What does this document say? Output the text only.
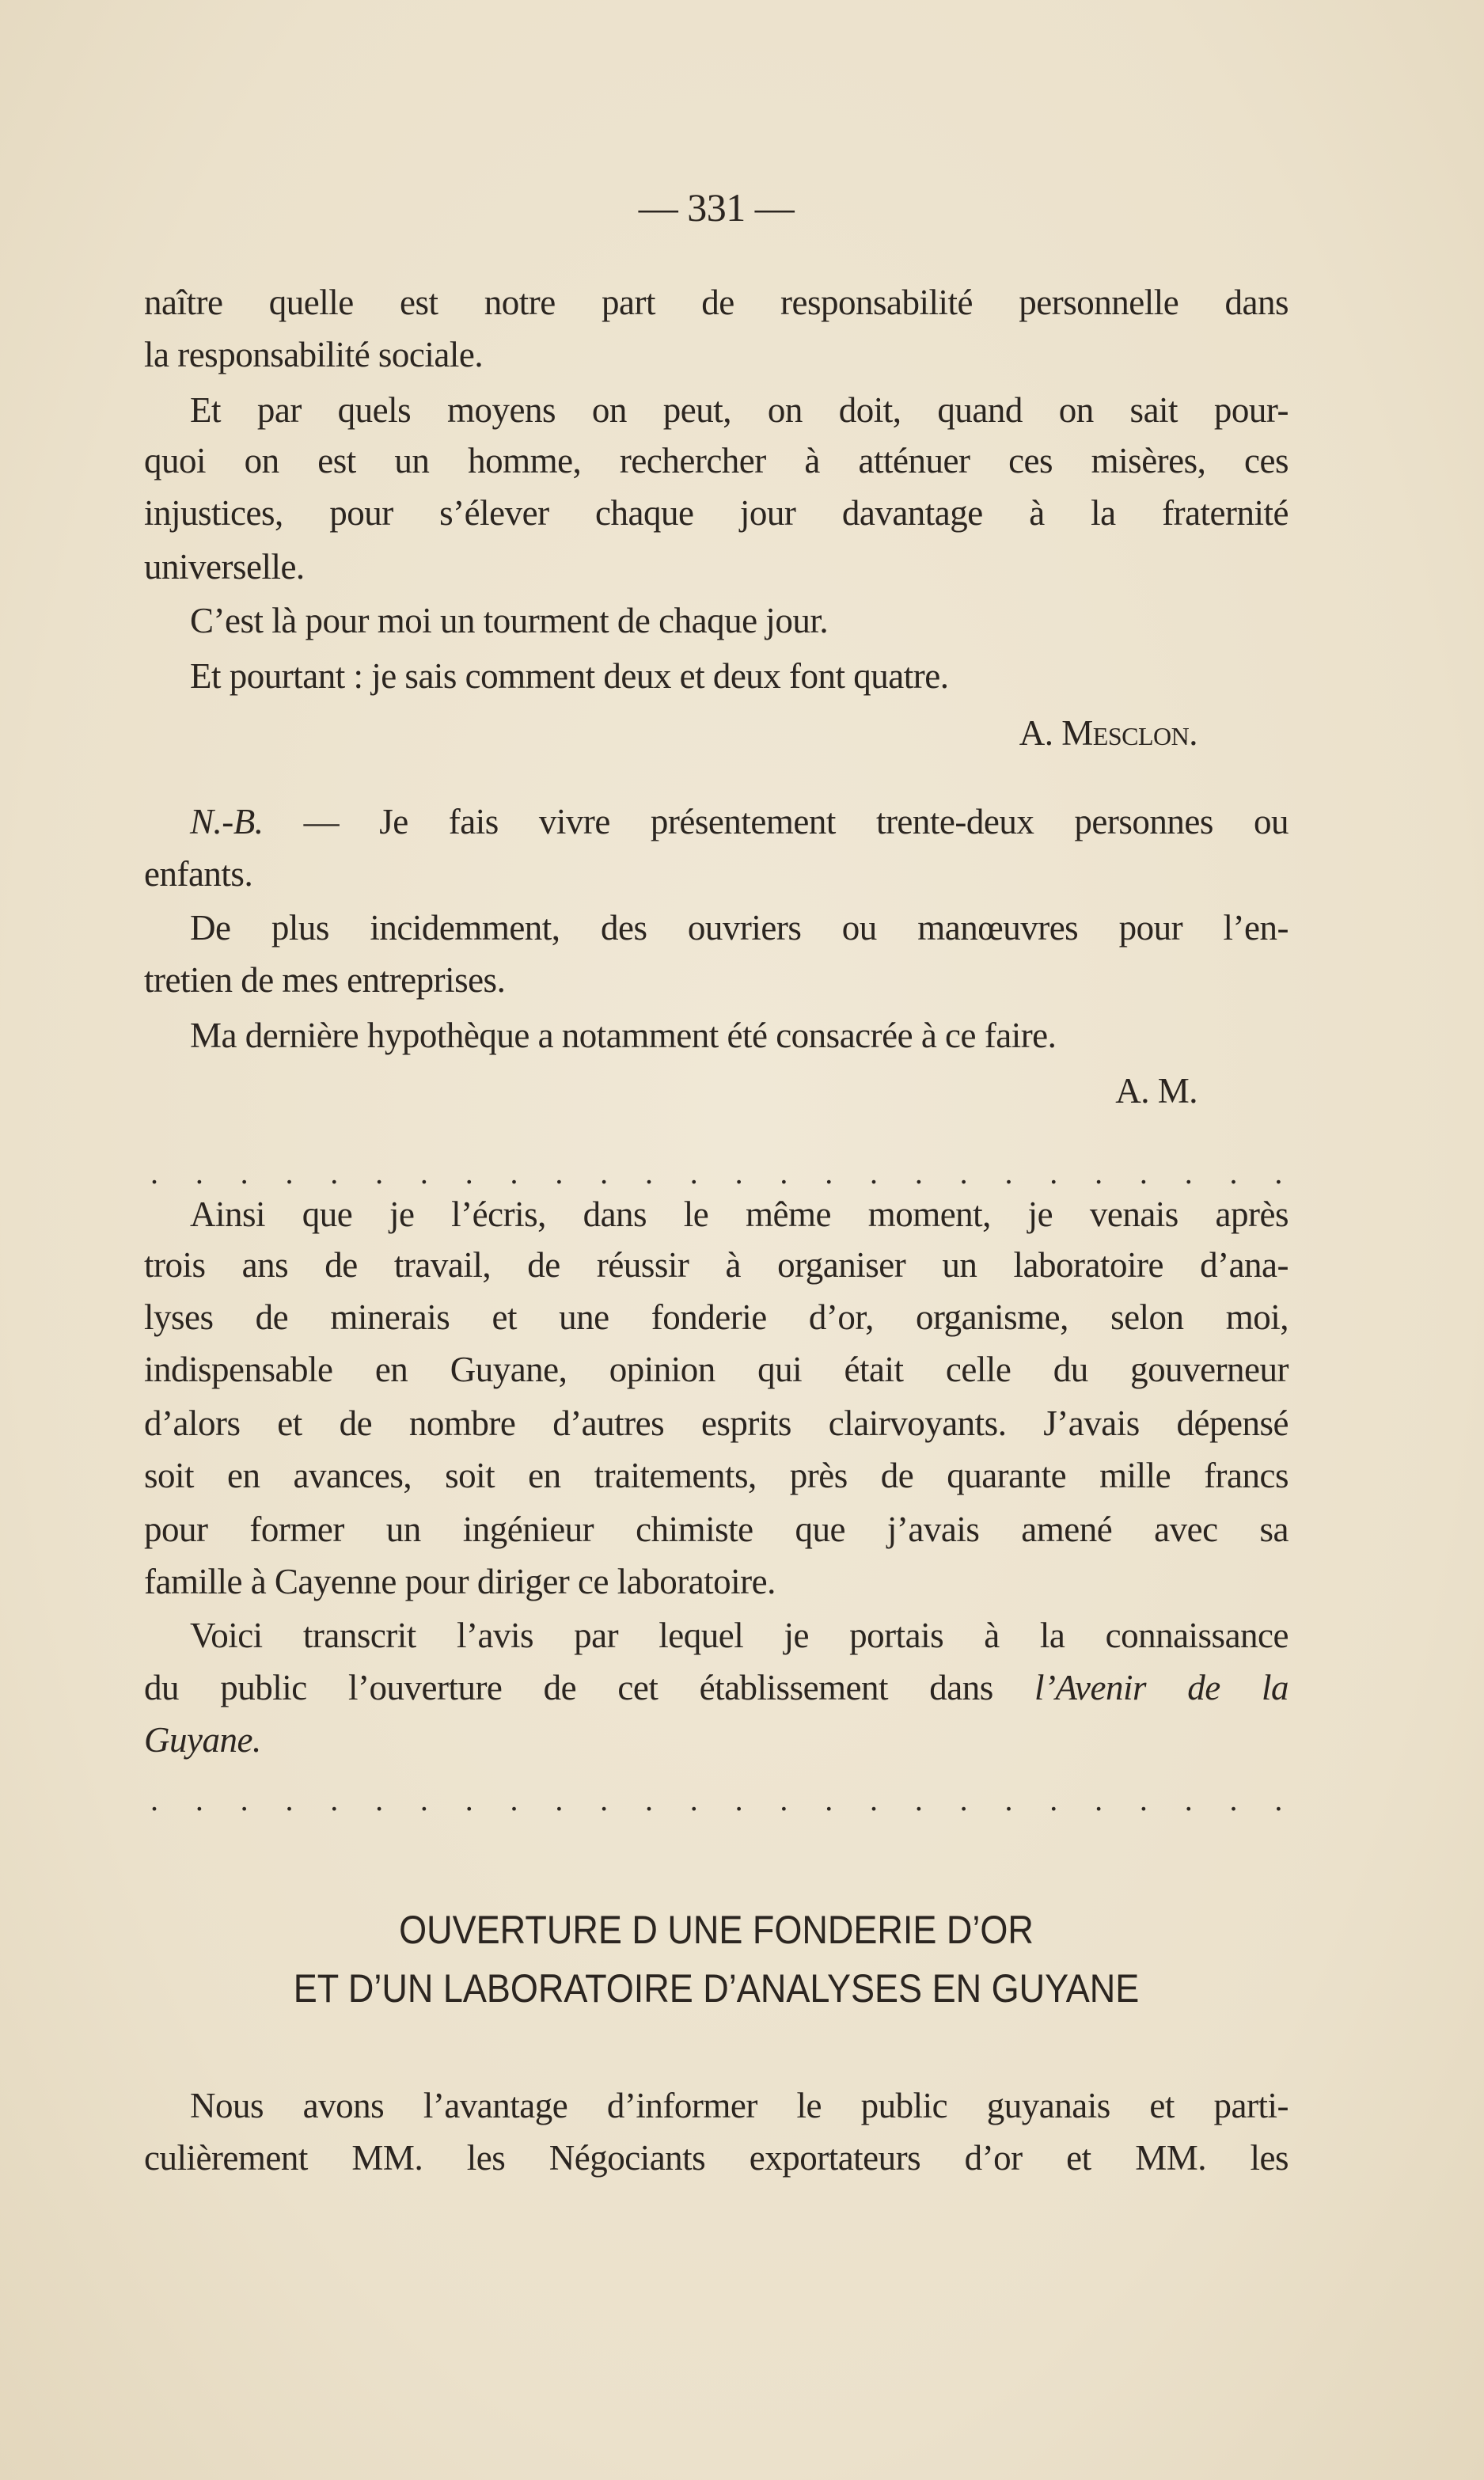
— 331 —
naître quelle est notre part de responsabilité personnelle dans
la responsabilité sociale.
Et par quels moyens on peut, on doit, quand on sait pour-
quoi on est un homme, rechercher à atténuer ces misères, ces
injustices, pour s’élever chaque jour davantage à la fraternité
universelle.
C’est là pour moi un tourment de chaque jour.
Et pourtant : je sais comment deux et deux font quatre.
A. Mesclon.
N.-B. — Je fais vivre présentement trente-deux personnes ou
enfants.
De plus incidemment, des ouvriers ou manœuvres pour l’en-
tretien de mes entreprises.
Ma dernière hypothèque a notamment été consacrée à ce faire.
A. M.
. . . . . . . . . . . . . . . . . . . . . . . . . .
Ainsi que je l’écris, dans le même moment, je venais après
trois ans de travail, de réussir à organiser un laboratoire d’ana-
lyses de minerais et une fonderie d’or, organisme, selon moi,
indispensable en Guyane, opinion qui était celle du gouverneur
d’alors et de nombre d’autres esprits clairvoyants. J’avais dépensé
soit en avances, soit en traitements, près de quarante mille francs
pour former un ingénieur chimiste que j’avais amené avec sa
famille à Cayenne pour diriger ce laboratoire.
Voici transcrit l’avis par lequel je portais à la connaissance
du public l’ouverture de cet établissement dans l’Avenir de la
Guyane.
. . . . . . . . . . . . . . . . . . . . . . . . . .
OUVERTURE D UNE FONDERIE D’OR
ET D’UN LABORATOIRE D’ANALYSES EN GUYANE
Nous avons l’avantage d’informer le public guyanais et parti-
culièrement MM. les Négociants exportateurs d’or et MM. les
